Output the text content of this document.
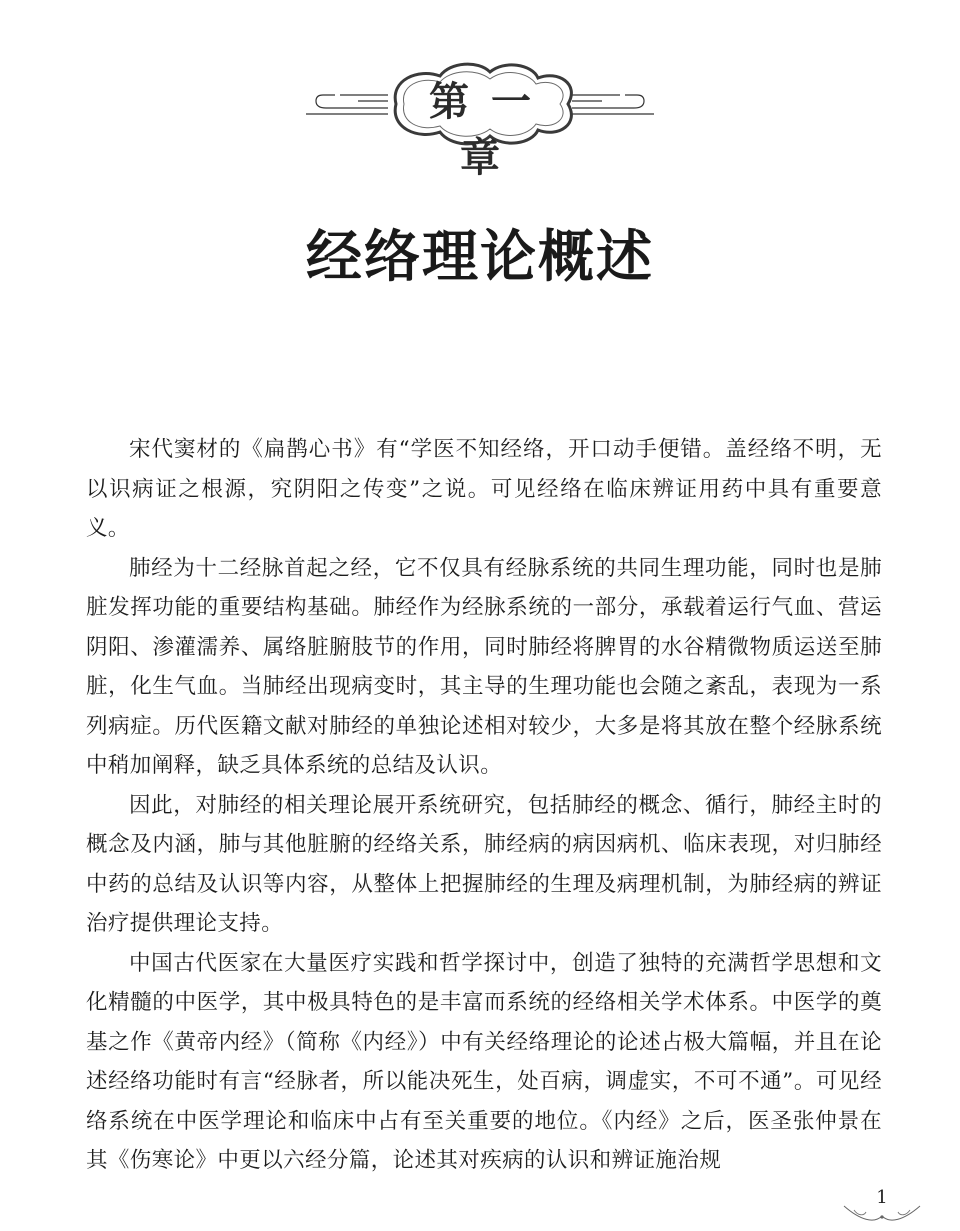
第一章
经络理论概述

宋代窦材的《扁鹊心书》有“学医不知经络，开口动手便错。盖经络不明，无以识病证之根源，究阴阳之传变”之说。可见经络在临床辨证用药中具有重要意义。

肺经为十二经脉首起之经，它不仅具有经脉系统的共同生理功能，同时也是肺脏发挥功能的重要结构基础。肺经作为经脉系统的一部分，承载着运行气血、营运阴阳、渗灌濡养、属络脏腑肢节的作用，同时肺经将脾胃的水谷精微物质运送至肺脏，化生气血。当肺经出现病变时，其主导的生理功能也会随之紊乱，表现为一系列病症。历代医籍文献对肺经的单独论述相对较少，大多是将其放在整个经脉系统中稍加阐释，缺乏具体系统的总结及认识。

因此，对肺经的相关理论展开系统研究，包括肺经的概念、循行，肺经主时的概念及内涵，肺与其他脏腑的经络关系，肺经病的病因病机、临床表现，对归肺经中药的总结及认识等内容，从整体上把握肺经的生理及病理机制，为肺经病的辨证治疗提供理论支持。

中国古代医家在大量医疗实践和哲学探讨中，创造了独特的充满哲学思想和文化精髓的中医学，其中极具特色的是丰富而系统的经络相关学术体系。中医学的奠基之作《黄帝内经》（简称《内经》）中有关经络理论的论述占极大篇幅，并且在论述经络功能时有言“经脉者，所以能决死生，处百病，调虚实，不可不通”。可见经络系统在中医学理论和临床中占有至关重要的地位。《内经》之后，医圣张仲景在其《伤寒论》中更以六经分篇，论述其对疾病的认识和辨证施治规

1
